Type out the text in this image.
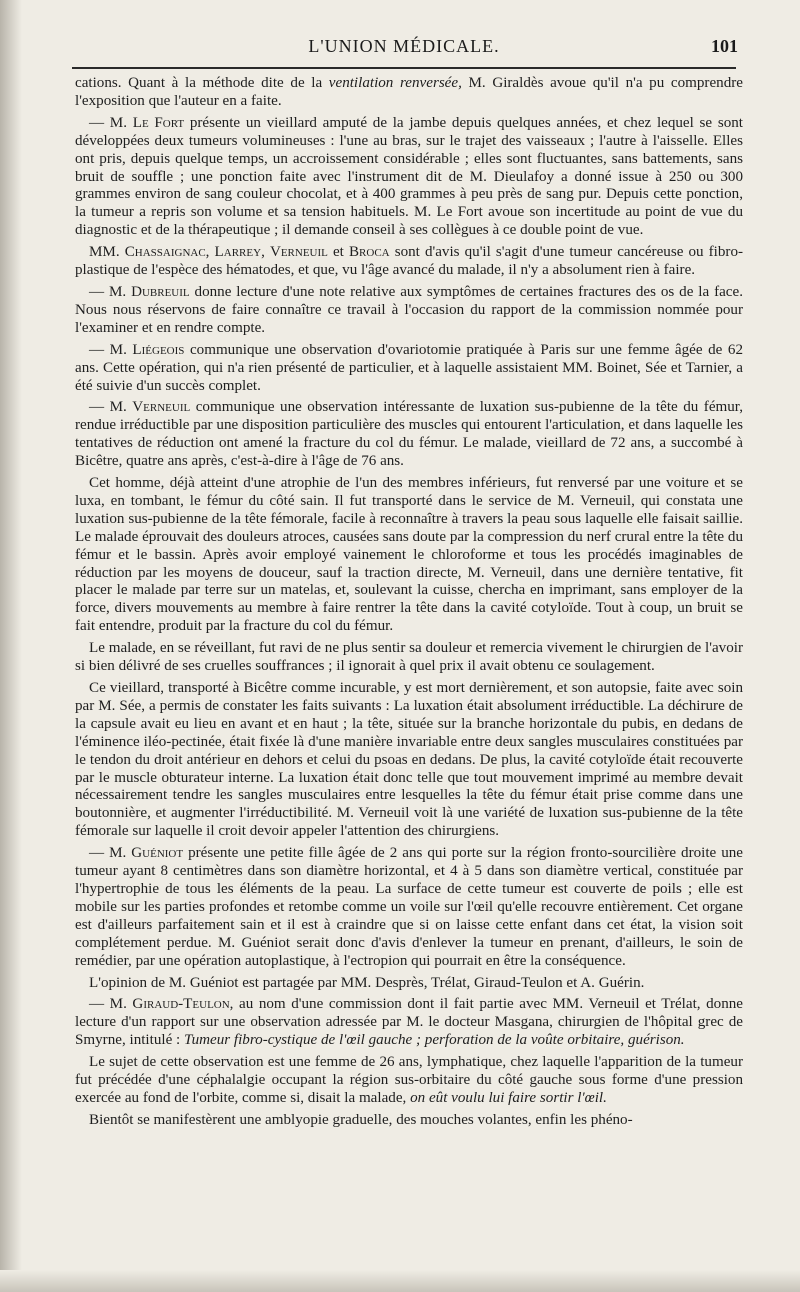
L'UNION MÉDICALE.	101

cations. Quant à la méthode dite de la ventilation renversée, M. Giraldès avoue qu'il n'a pu comprendre l'exposition que l'auteur en a faite.

— M. Le Fort présente un vieillard amputé de la jambe depuis quelques années, et chez lequel se sont développées deux tumeurs volumineuses : l'une au bras, sur le trajet des vaisseaux ; l'autre à l'aisselle. Elles ont pris, depuis quelque temps, un accroissement considérable ; elles sont fluctuantes, sans battements, sans bruit de souffle ; une ponction faite avec l'instrument dit de M. Dieulafoy a donné issue à 250 ou 300 grammes environ de sang couleur chocolat, et à 400 grammes à peu près de sang pur. Depuis cette ponction, la tumeur a repris son volume et sa tension habituels. M. Le Fort avoue son incertitude au point de vue du diagnostic et de la thérapeutique ; il demande conseil à ses collègues à ce double point de vue.

MM. Chassaignac, Larrey, Verneuil et Broca sont d'avis qu'il s'agit d'une tumeur cancéreuse ou fibro-plastique de l'espèce des hématodes, et que, vu l'âge avancé du malade, il n'y a absolument rien à faire.

— M. Dubreuil donne lecture d'une note relative aux symptômes de certaines fractures des os de la face. Nous nous réservons de faire connaître ce travail à l'occasion du rapport de la commission nommée pour l'examiner et en rendre compte.

— M. Liégeois communique une observation d'ovariotomie pratiquée à Paris sur une femme âgée de 62 ans. Cette opération, qui n'a rien présenté de particulier, et à laquelle assistaient MM. Boinet, Sée et Tarnier, a été suivie d'un succès complet.

— M. Verneuil communique une observation intéressante de luxation sus-pubienne de la tête du fémur, rendue irréductible par une disposition particulière des muscles qui entourent l'articulation, et dans laquelle les tentatives de réduction ont amené la fracture du col du fémur. Le malade, vieillard de 72 ans, a succombé à Bicêtre, quatre ans après, c'est-à-dire à l'âge de 76 ans.

Cet homme, déjà atteint d'une atrophie de l'un des membres inférieurs, fut renversé par une voiture et se luxa, en tombant, le fémur du côté sain. Il fut transporté dans le service de M. Verneuil, qui constata une luxation sus-pubienne de la tête fémorale, facile à reconnaître à travers la peau sous laquelle elle faisait saillie. Le malade éprouvait des douleurs atroces, causées sans doute par la compression du nerf crural entre la tête du fémur et le bassin. Après avoir employé vainement le chloroforme et tous les procédés imaginables de réduction par les moyens de douceur, sauf la traction directe, M. Verneuil, dans une dernière tentative, fit placer le malade par terre sur un matelas, et, soulevant la cuisse, chercha en imprimant, sans employer de la force, divers mouvements au membre à faire rentrer la tête dans la cavité cotyloïde. Tout à coup, un bruit se fait entendre, produit par la fracture du col du fémur.

Le malade, en se réveillant, fut ravi de ne plus sentir sa douleur et remercia vivement le chirurgien de l'avoir si bien délivré de ses cruelles souffrances ; il ignorait à quel prix il avait obtenu ce soulagement.

Ce vieillard, transporté à Bicêtre comme incurable, y est mort dernièrement, et son autopsie, faite avec soin par M. Sée, a permis de constater les faits suivants : La luxation était absolument irréductible. La déchirure de la capsule avait eu lieu en avant et en haut ; la tête, située sur la branche horizontale du pubis, en dedans de l'éminence iléo-pectinée, était fixée là d'une manière invariable entre deux sangles musculaires constituées par le tendon du droit antérieur en dehors et celui du psoas en dedans. De plus, la cavité cotyloïde était recouverte par le muscle obturateur interne. La luxation était donc telle que tout mouvement imprimé au membre devait nécessairement tendre les sangles musculaires entre lesquelles la tête du fémur était prise comme dans une boutonnière, et augmenter l'irréductibilité. M. Verneuil voit là une variété de luxation sus-pubienne de la tête fémorale sur laquelle il croit devoir appeler l'attention des chirurgiens.

— M. Guéniot présente une petite fille âgée de 2 ans qui porte sur la région fronto-sourcilière droite une tumeur ayant 8 centimètres dans son diamètre horizontal, et 4 à 5 dans son diamètre vertical, constituée par l'hypertrophie de tous les éléments de la peau. La surface de cette tumeur est couverte de poils ; elle est mobile sur les parties profondes et retombe comme un voile sur l'œil qu'elle recouvre entièrement. Cet organe est d'ailleurs parfaitement sain et il est à craindre que si on laisse cette enfant dans cet état, la vision soit complétement perdue. M. Guéniot serait donc d'avis d'enlever la tumeur en prenant, d'ailleurs, le soin de remédier, par une opération autoplastique, à l'ectropion qui pourrait en être la conséquence.

L'opinion de M. Guéniot est partagée par MM. Desprès, Trélat, Giraud-Teulon et A. Guérin.

— M. Giraud-Teulon, au nom d'une commission dont il fait partie avec MM. Verneuil et Trélat, donne lecture d'un rapport sur une observation adressée par M. le docteur Masgana, chirurgien de l'hôpital grec de Smyrne, intitulé : Tumeur fibro-cystique de l'œil gauche ; perforation de la voûte orbitaire, guérison.

Le sujet de cette observation est une femme de 26 ans, lymphatique, chez laquelle l'apparition de la tumeur fut précédée d'une céphalalgie occupant la région sus-orbitaire du côté gauche sous forme d'une pression exercée au fond de l'orbite, comme si, disait la malade, on eût voulu lui faire sortir l'œil.

Bientôt se manifestèrent une amblyopie graduelle, des mouches volantes, enfin les phéno-
